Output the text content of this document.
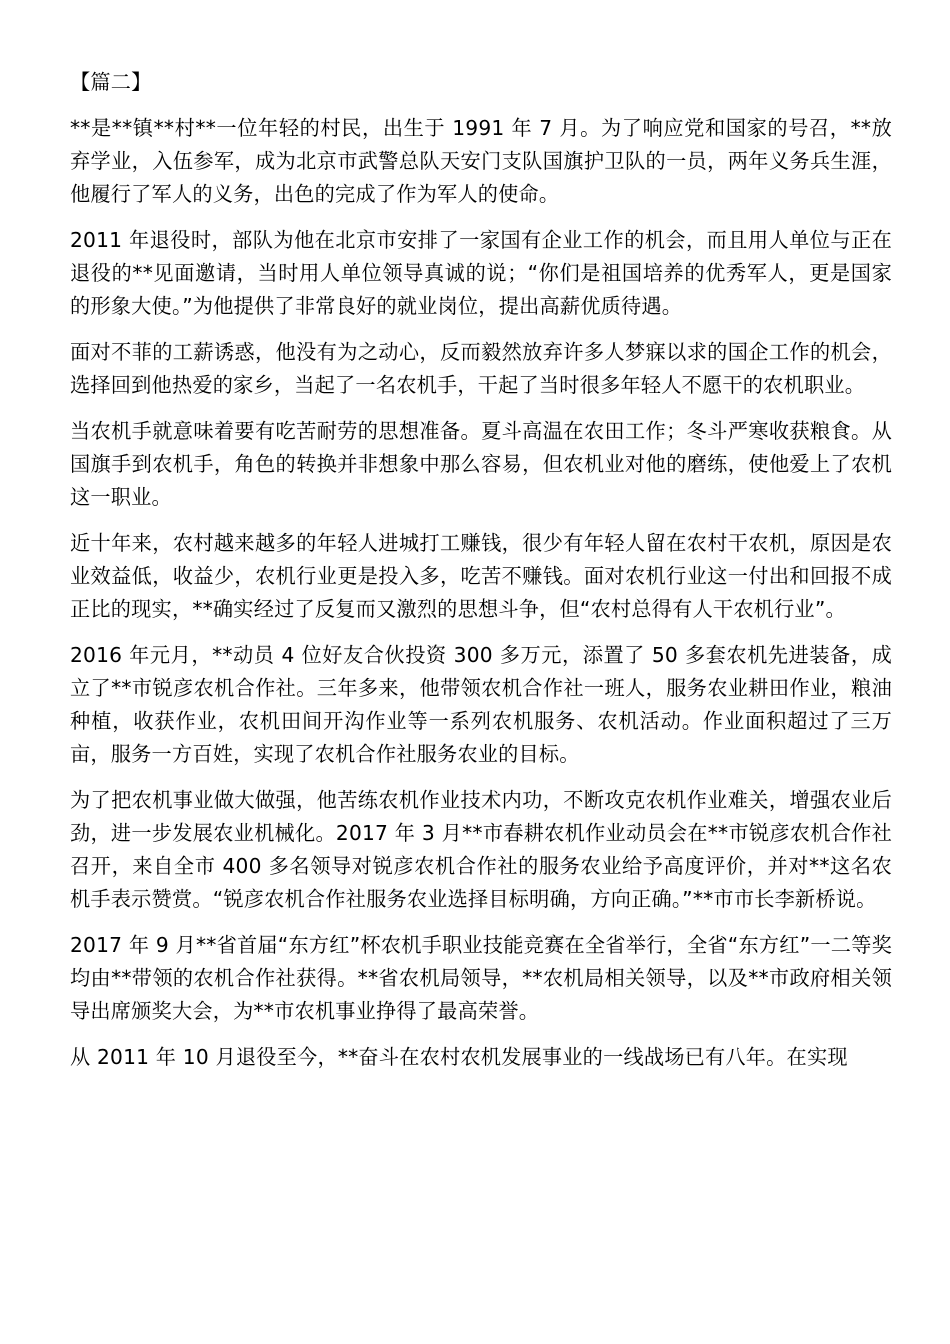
【篇二】

**是**镇**村**一位年轻的村民，出生于 1991 年 7 月。为了响应党和国家的号召，**放弃学业，入伍参军，成为北京市武警总队天安门支队国旗护卫队的一员，两年义务兵生涯，他履行了军人的义务，出色的完成了作为军人的使命。

2011 年退役时，部队为他在北京市安排了一家国有企业工作的机会，而且用人单位与正在退役的**见面邀请，当时用人单位领导真诚的说；“你们是祖国培养的优秀军人，更是国家的形象大使。”为他提供了非常良好的就业岗位，提出高薪优质待遇。

面对不菲的工薪诱惑，他没有为之动心，反而毅然放弃许多人梦寐以求的国企工作的机会，选择回到他热爱的家乡，当起了一名农机手，干起了当时很多年轻人不愿干的农机职业。

当农机手就意味着要有吃苦耐劳的思想准备。夏斗高温在农田工作；冬斗严寒收获粮食。从国旗手到农机手，角色的转换并非想象中那么容易，但农机业对他的磨练，使他爱上了农机这一职业。

近十年来，农村越来越多的年轻人进城打工赚钱，很少有年轻人留在农村干农机，原因是农业效益低，收益少，农机行业更是投入多，吃苦不赚钱。面对农机行业这一付出和回报不成正比的现实，**确实经过了反复而又激烈的思想斗争，但“农村总得有人干农机行业”。

2016 年元月，**动员 4 位好友合伙投资 300 多万元，添置了 50 多套农机先进装备，成立了**市锐彦农机合作社。三年多来，他带领农机合作社一班人，服务农业耕田作业，粮油种植，收获作业，农机田间开沟作业等一系列农机服务、农机活动。作业面积超过了三万亩，服务一方百姓，实现了农机合作社服务农业的目标。

为了把农机事业做大做强，他苦练农机作业技术内功，不断攻克农机作业难关，增强农业后劲，进一步发展农业机械化。2017 年 3 月**市春耕农机作业动员会在**市锐彦农机合作社召开，来自全市 400 多名领导对锐彦农机合作社的服务农业给予高度评价，并对**这名农机手表示赞赏。“锐彦农机合作社服务农业选择目标明确，方向正确。”**市市长李新桥说。

2017 年 9 月**省首届“东方红”杯农机手职业技能竞赛在全省举行，全省“东方红”一二等奖均由**带领的农机合作社获得。**省农机局领导，**农机局相关领导，以及**市政府相关领导出席颁奖大会，为**市农机事业挣得了最高荣誉。

从 2011 年 10 月退役至今，**奋斗在农村农机发展事业的一线战场已有八年。在实现
